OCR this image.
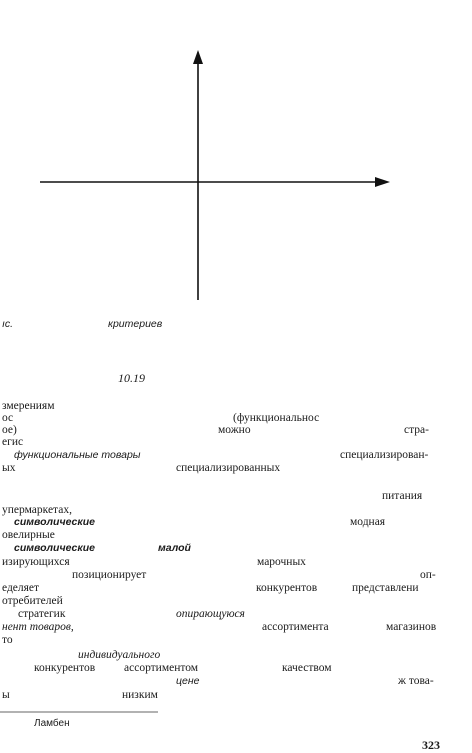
ıс.	критериев
10.19
змерениям
ос	(функциональнос
ое)	можно	стра-
егис
функциональные товары	специализирован-
ых	специализированных
питания
упермаркетах,
символические	модная
овелирные
символические	малой
изирующихся	марочных
позиционирует	оп-
еделяет	конкурентов	представлени
отребителей
стратегик	опирающуюся
нент товаров,	ассортимента	магазинов
то
индивидуального
конкурентов	ассортиментом	качеством
цене	ж това-
ы	низким
Ламбен
323
